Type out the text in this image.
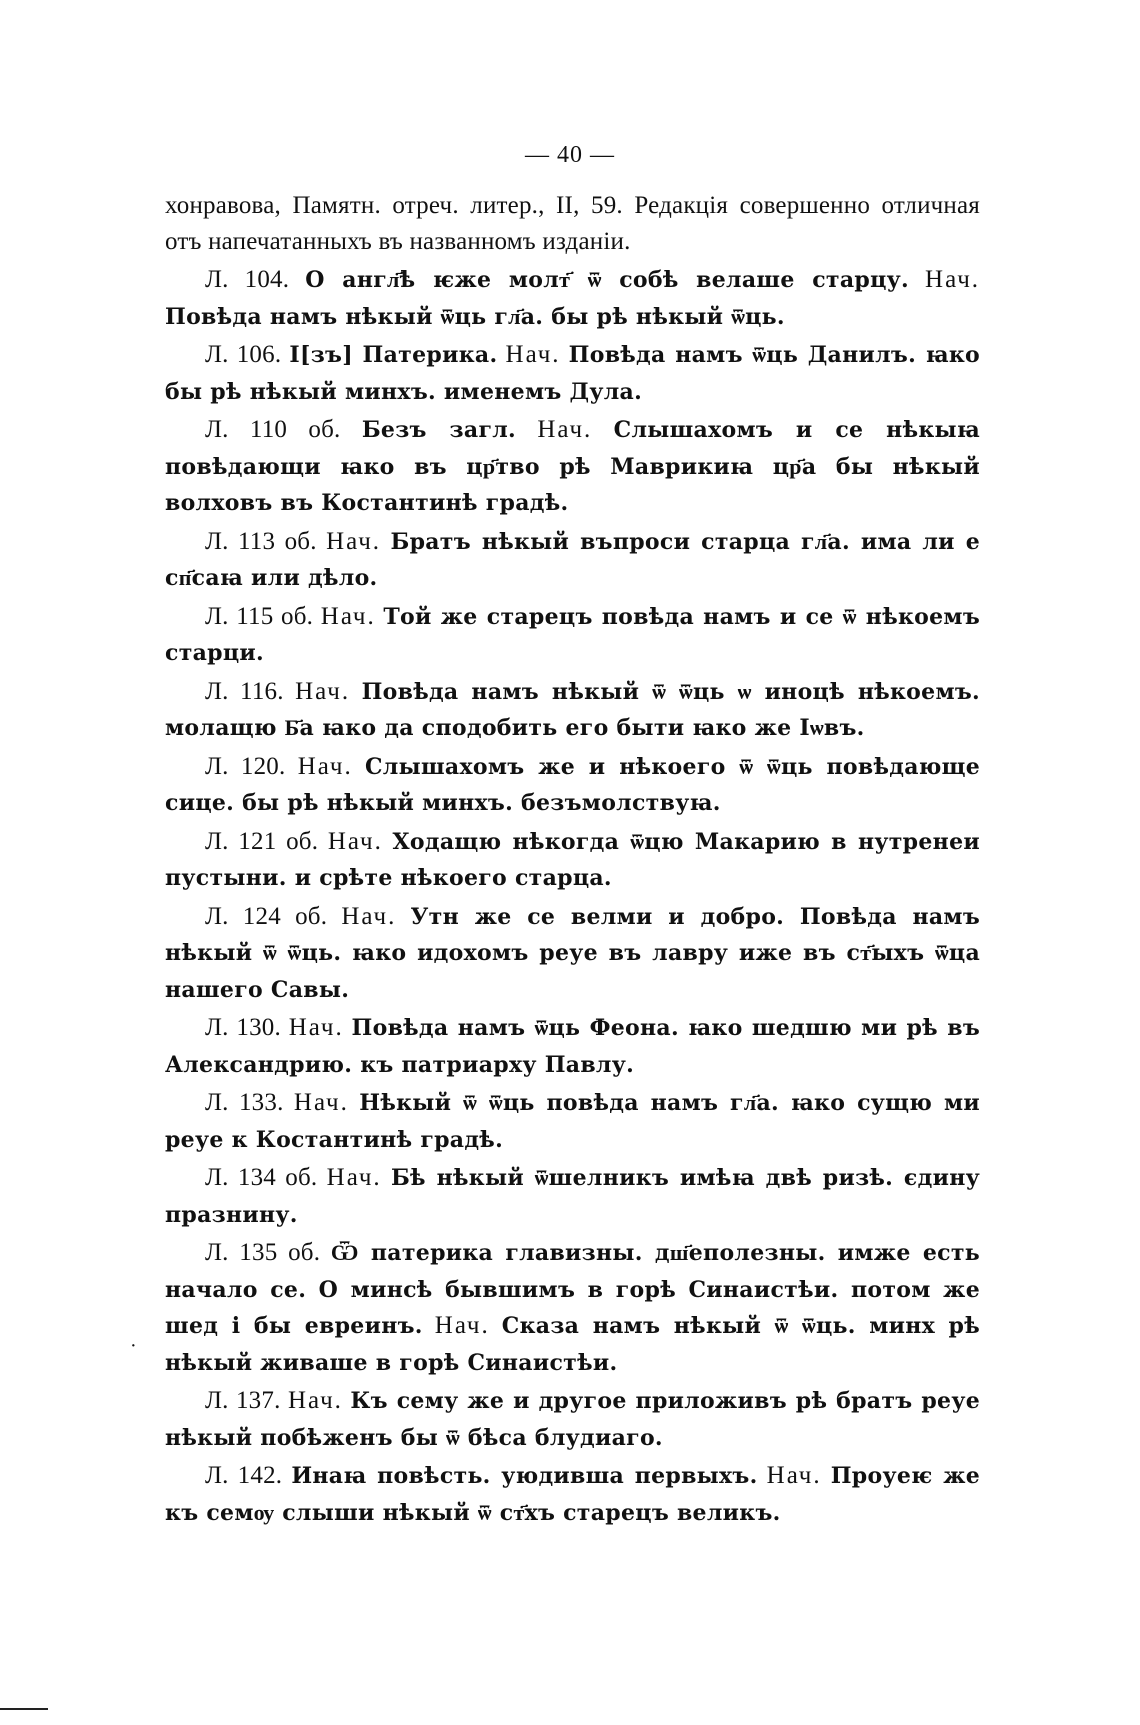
— 40 —

хонравова, Памятн. отреч. литер., II, 59. Редакція совершенно отличная отъ напечатанныхъ въ названномъ изданіи.

Л. 104. О англ҃ѣ ѥже молт҃ ѿ собѣ велаше старцу. Нач. Повѣда намъ нѣкый ѿць гл҃а. бы рѣ нѣкый ѿць.

Л. 106. І[зъ] Патерика. Нач. Повѣда намъ ѿць Данилъ. ꙗко бы рѣ нѣкый минхъ. именемъ Дула.

Л. 110 об. Безъ загл. Нач. Слышахомъ и се нѣкыꙗ повѣдающи ꙗко въ цр҃тво рѣ Маврикиꙗ цр҃а бы нѣкый волховъ въ Костантинѣ градѣ.

Л. 113 об. Нач. Братъ нѣкый въпроси старца гл҃а. има ли е сп҃саꙗ или дѣло.

Л. 115 об. Нач. Той же старецъ повѣда намъ и се ѿ нѣкоемъ старци.

Л. 116. Нач. Повѣда намъ нѣкый ѿ ѿць ѡ иноцѣ нѣкоемъ. молащю Б҃а ꙗко да сподобить его быти ꙗко же Іѡвъ.

Л. 120. Нач. Слышахомъ же и нѣкоего ѿ ѿць повѣдающе сице. бы рѣ нѣкый минхъ. безъмолствуꙗ.

Л. 121 об. Нач. Ходащю нѣкогда ѿцю Макарию в нутренеи пустыни. и срѣте нѣкоего старца.

Л. 124 об. Нач. Утн же се велми и добро. Повѣда намъ нѣкый ѿ ѿць. ꙗко идохомъ реуе въ лавру иже въ ст҃ыхъ ѿца нашего Савы.

Л. 130. Нач. Повѣда намъ ѿць Феона. ꙗко шедшю ми рѣ въ Александрию. къ патриарху Павлу.

Л. 133. Нач. Нѣкый ѿ ѿць повѣда намъ гл҃а. ꙗко сущю ми реуе к Костантинѣ градѣ.

Л. 134 об. Нач. Бѣ нѣкый ѿшелникъ имѣꙗ двѣ ризѣ. єдину празнину.

Л. 135 об. Ѿ патерика главизны. дш҃еполезны. имже есть начало се. О минсѣ бывшимъ в горѣ Синаистѣи. потом же шед і бы евреинъ. Нач. Сказа намъ нѣкый ѿ ѿць. минх рѣ нѣкый живаше в горѣ Синаистѣи.

Л. 137. Нач. Къ сему же и другое приложивъ рѣ братъ реуе нѣкый побѣженъ бы ѿ бѣса блудиаго.

Л. 142. Инаꙗ повѣсть. уюдивша первыхъ. Нач. Проуеѥ же къ семѹ слыши нѣкый ѿ ст҃хъ старецъ великъ.

·
